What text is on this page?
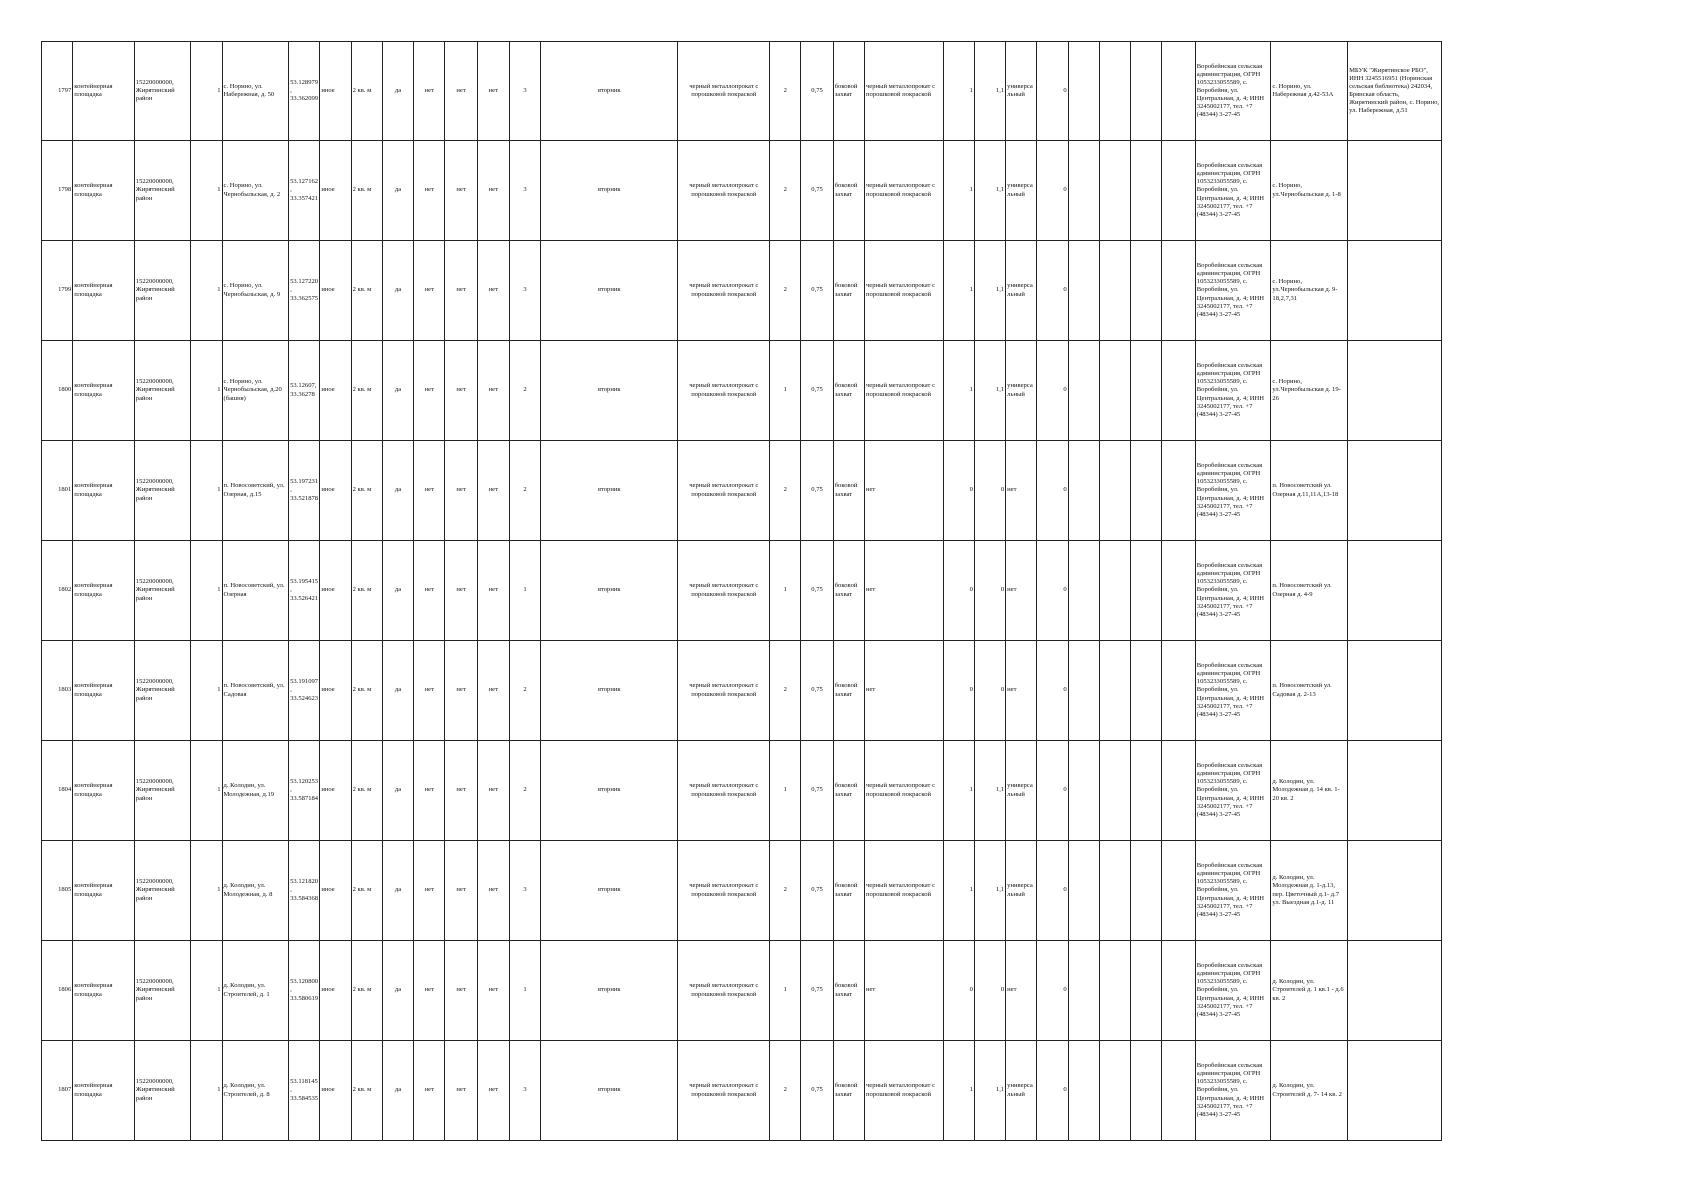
1797	контейнерная площадка	15220000000, Жирятинский район	1	с. Норино, ул. Набережная, д. 50	53.128979, 33.362099	иное	2 кв. м	да	нет	нет	нет	3	вторник	черный металлопрокат с порошковой покраской	2	0,75	боковой захват	черный металлопрокат с порошковой покраской	1	1,1	универсальный	0					Воробейнская сельская администрация, ОГРН 1053233055589, с. Воробейня, ул. Центральная, д. 4; ИНН 3245002177, тел. +7 (48344) 3-27-45	с. Норино, ул. Набережная д.42-53А	МБУК "Жирятинское РБО", ИНН 3245516951 (Норинская сельская библиотека) 242034, Брянская область, Жирятинский район, с. Норино, ул. Набережная, д.51
1798	контейнерная площадка	15220000000, Жирятинский район	1	с. Норино, ул. Чернобыльская, д. 2	53.127162, 33.357421	иное	2 кв. м	да	нет	нет	нет	3	вторник	черный металлопрокат с порошковой покраской	2	0,75	боковой захват	черный металлопрокат с порошковой покраской	1	1,1	универсальный	0					Воробейнская сельская администрация, ОГРН 1053233055589, с. Воробейня, ул. Центральная, д. 4; ИНН 3245002177, тел. +7 (48344) 3-27-45	с. Норино, ул.Чернобыльская д. 1-8	
1799	контейнерная площадка	15220000000, Жирятинский район	1	с. Норино, ул. Чернобыльская, д. 9	53.127220, 33.362575	иное	2 кв. м	да	нет	нет	нет	3	вторник	черный металлопрокат с порошковой покраской	2	0,75	боковой захват	черный металлопрокат с порошковой покраской	1	1,1	универсальный	0					Воробейнская сельская администрация, ОГРН 1053233055589, с. Воробейня, ул. Центральная, д. 4; ИНН 3245002177, тел. +7 (48344) 3-27-45	с. Норино, ул.Чернобыльская д. 9-18,2,7,31	
1800	контейнерная площадка	15220000000, Жирятинский район	1	с. Норино, ул. Чернобыльская, д.20 (башня)	53.12607, 33.36278	иное	2 кв. м	да	нет	нет	нет	2	вторник	черный металлопрокат с порошковой покраской	1	0,75	боковой захват	черный металлопрокат с порошковой покраской	1	1,1	универсальный	0					Воробейнская сельская администрация, ОГРН 1053233055589, с. Воробейня, ул. Центральная, д. 4; ИНН 3245002177, тел. +7 (48344) 3-27-45	с. Норино, ул.Чернобыльская д. 19-26	
1801	контейнерная площадка	15220000000, Жирятинский район	1	п. Новосоветский, ул. Озерная, д.15	53.197231, 33.521878	иное	2 кв. м	да	нет	нет	нет	2	вторник	черный металлопрокат с порошковой покраской	2	0,75	боковой захват	нет	0	0	нет	0					Воробейнская сельская администрация, ОГРН 1053233055589, с. Воробейня, ул. Центральная, д. 4; ИНН 3245002177, тел. +7 (48344) 3-27-45	п. Новосоветский ул. Озерная д.11,11А,13-18	
1802	контейнерная площадка	15220000000, Жирятинский район	1	п. Новосоветский, ул. Озерная	53.195415, 33.526421	иное	2 кв. м	да	нет	нет	нет	1	вторник	черный металлопрокат с порошковой покраской	1	0,75	боковой захват	нет	0	0	нет	0					Воробейнская сельская администрация, ОГРН 1053233055589, с. Воробейня, ул. Центральная, д. 4; ИНН 3245002177, тел. +7 (48344) 3-27-45	п. Новосоветский ул. Озерная д. 4-9	
1803	контейнерная площадка	15220000000, Жирятинский район	1	п. Новосоветский, ул. Садовая	53.191097, 33.524623	иное	2 кв. м	да	нет	нет	нет	2	вторник	черный металлопрокат с порошковой покраской	2	0,75	боковой захват	нет	0	0	нет	0					Воробейнская сельская администрация, ОГРН 1053233055589, с. Воробейня, ул. Центральная, д. 4; ИНН 3245002177, тел. +7 (48344) 3-27-45	п. Новосоветский ул. Садовая д. 2-13	
1804	контейнерная площадка	15220000000, Жирятинский район	1	д. Колодин, ул. Молодежная, д.19	53.120253, 33.587184	иное	2 кв. м	да	нет	нет	нет	2	вторник	черный металлопрокат с порошковой покраской	1	0,75	боковой захват	черный металлопрокат с порошковой покраской	1	1,1	универсальный	0					Воробейнская сельская администрация, ОГРН 1053233055589, с. Воробейня, ул. Центральная, д. 4; ИНН 3245002177, тел. +7 (48344) 3-27-45	д. Колодин, ул. Молодежная д. 14 кв. 1-20 кв. 2	
1805	контейнерная площадка	15220000000, Жирятинский район	1	д. Колодин, ул. Молодежная, д. 8	53.121820, 33.584368	иное	2 кв. м	да	нет	нет	нет	3	вторник	черный металлопрокат с порошковой покраской	2	0,75	боковой захват	черный металлопрокат с порошковой покраской	1	1,1	универсальный	0					Воробейнская сельская администрация, ОГРН 1053233055589, с. Воробейня, ул. Центральная, д. 4; ИНН 3245002177, тел. +7 (48344) 3-27-45	д. Колодин, ул. Молодежная д. 1-д.13, пер. Цветочный д.1- д.7 ул. Выездная д.1-д. 11	
1806	контейнерная площадка	15220000000, Жирятинский район	1	д. Колодин, ул. Строителей, д. 1	53.120800, 33.580619	иное	2 кв. м	да	нет	нет	нет	1	вторник	черный металлопрокат с порошковой покраской	1	0,75	боковой захват	нет	0	0	нет	0					Воробейнская сельская администрация, ОГРН 1053233055589, с. Воробейня, ул. Центральная, д. 4; ИНН 3245002177, тел. +7 (48344) 3-27-45	д. Колодин, ул. Строителей д. 1 кв.1 - д.6 кв. 2	
1807	контейнерная площадка	15220000000, Жирятинский район	1	д. Колодин, ул. Строителей, д. 8	53.118145, 33.584535	иное	2 кв. м	да	нет	нет	нет	3	вторник	черный металлопрокат с порошковой покраской	2	0,75	боковой захват	черный металлопрокат с порошковой покраской	1	1,1	универсальный	0					Воробейнская сельская администрация, ОГРН 1053233055589, с. Воробейня, ул. Центральная, д. 4; ИНН 3245002177, тел. +7 (48344) 3-27-45	д. Колодин, ул. Строителей д. 7- 14 кв. 2	
